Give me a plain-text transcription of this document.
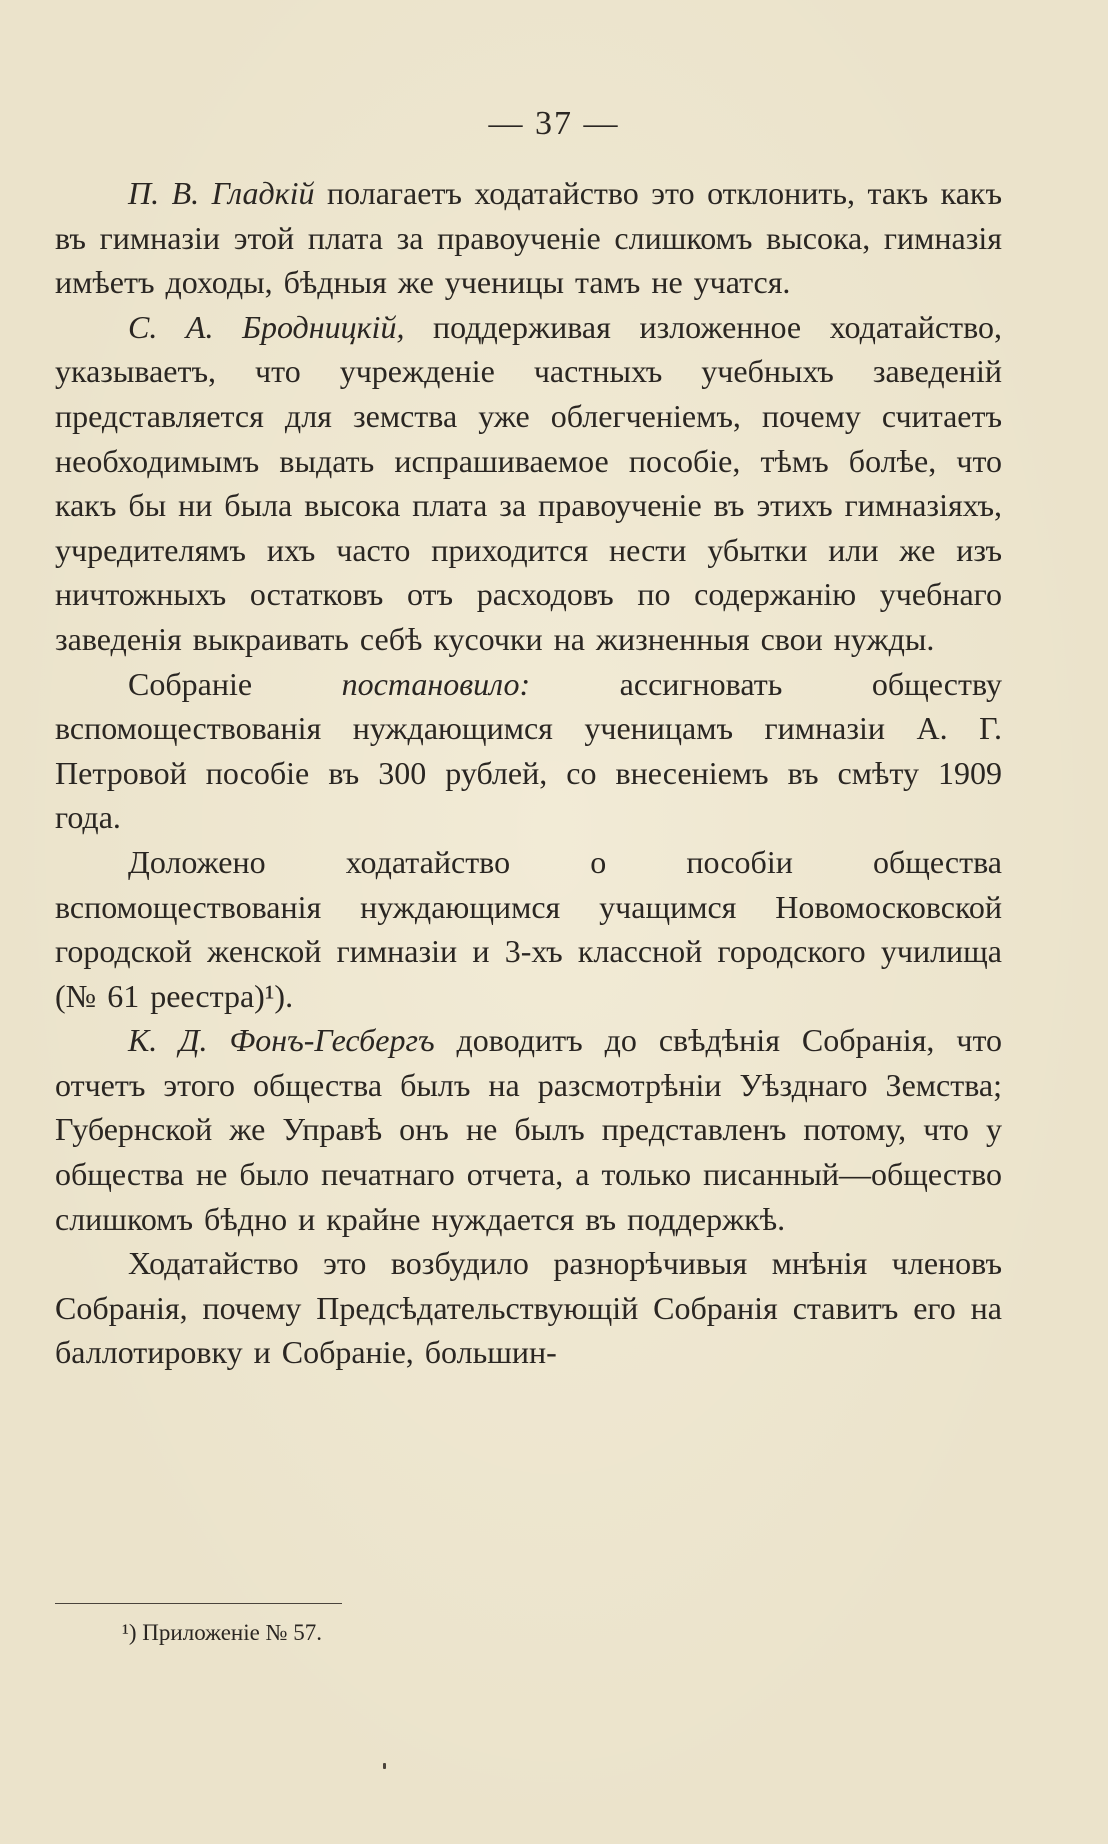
— 37 —

П. В. Гладкій полагаетъ ходатайство это отклонить, такъ какъ въ гимназіи этой плата за правоученіе слишкомъ высока, гимназія имѣетъ доходы, бѣдныя же ученицы тамъ не учатся.

С. А. Бродницкій, поддерживая изложенное ходатайство, указываетъ, что учрежденіе частныхъ учебныхъ заведеній представляется для земства уже облегченіемъ, почему считаетъ необходимымъ выдать испрашиваемое пособіе, тѣмъ болѣе, что какъ бы ни была высока плата за правоученіе въ этихъ гимназіяхъ, учредителямъ ихъ часто приходится нести убытки или же изъ ничтожныхъ остатковъ отъ расходовъ по содержанію учебнаго заведенія выкраивать себѣ кусочки на жизненныя свои нужды.

Собраніе постановило: ассигновать обществу вспомоществованія нуждающимся ученицамъ гимназіи А. Г. Петровой пособіе въ 300 рублей, со внесеніемъ въ смѣту 1909 года.

Доложено ходатайство о пособіи общества вспомоществованія нуждающимся учащимся Новомосковской городской женской гимназіи и 3-хъ классной городского училища (№ 61 реестра)¹).

К. Д. Фонъ-Гесбергъ доводитъ до свѣдѣнія Собранія, что отчетъ этого общества былъ на разсмотрѣніи Уѣзднаго Земства; Губернской же Управѣ онъ не былъ представленъ потому, что у общества не было печатнаго отчета, а только писанный—общество слишкомъ бѣдно и крайне нуждается въ поддержкѣ.

Ходатайство это возбудило разнорѣчивыя мнѣнія членовъ Собранія, почему Предсѣдательствующій Собранія ставитъ его на баллотировку и Собраніе, большин-

¹) Приложеніе № 57.
